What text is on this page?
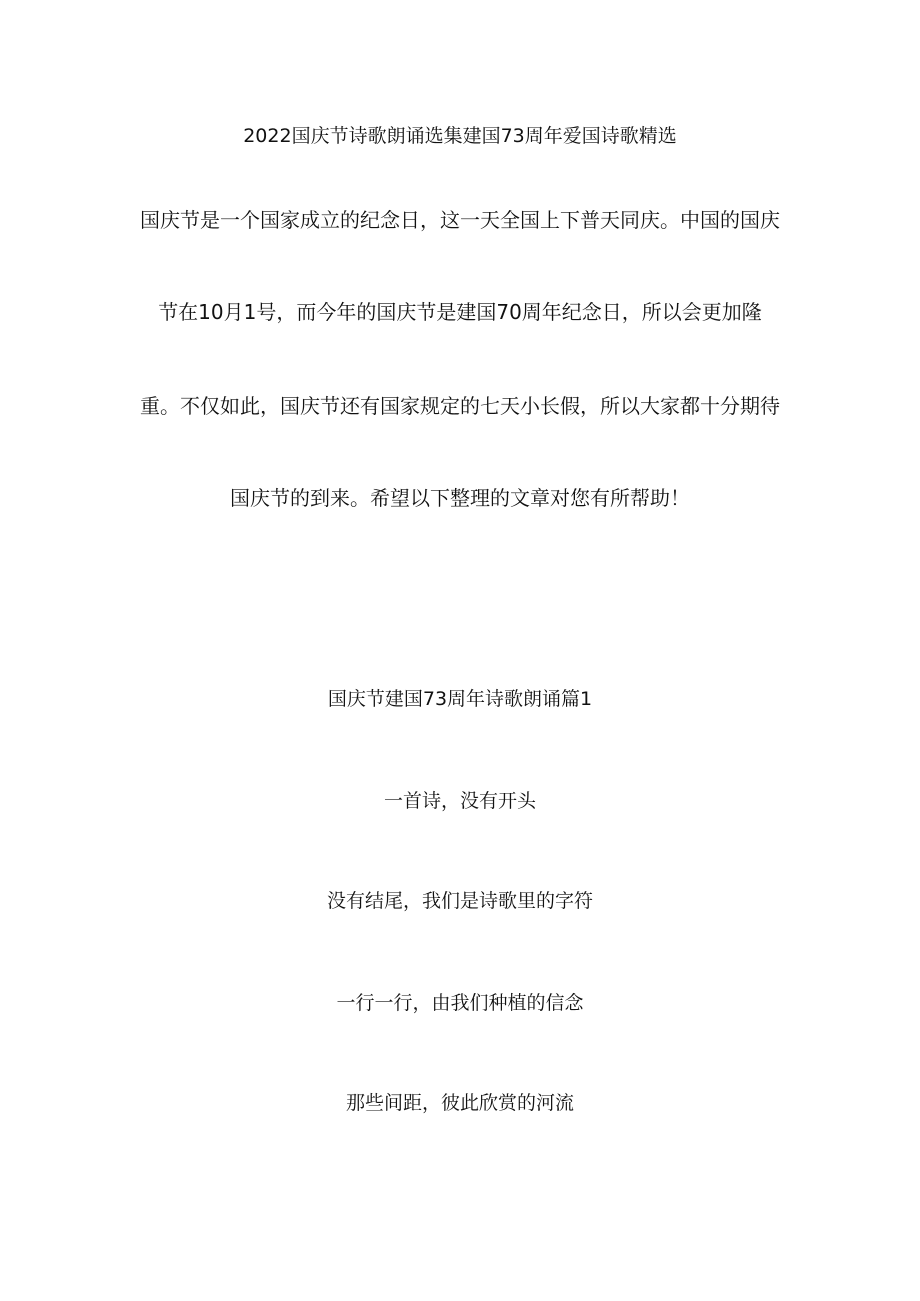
2022国庆节诗歌朗诵选集建国73周年爱国诗歌精选
国庆节是一个国家成立的纪念日，这一天全国上下普天同庆。中国的国庆
节在10月1号，而今年的国庆节是建国70周年纪念日，所以会更加隆
重。不仅如此，国庆节还有国家规定的七天小长假，所以大家都十分期待
国庆节的到来。希望以下整理的文章对您有所帮助！
国庆节建国73周年诗歌朗诵篇1
一首诗，没有开头
没有结尾，我们是诗歌里的字符
一行一行，由我们种植的信念
那些间距，彼此欣赏的河流
